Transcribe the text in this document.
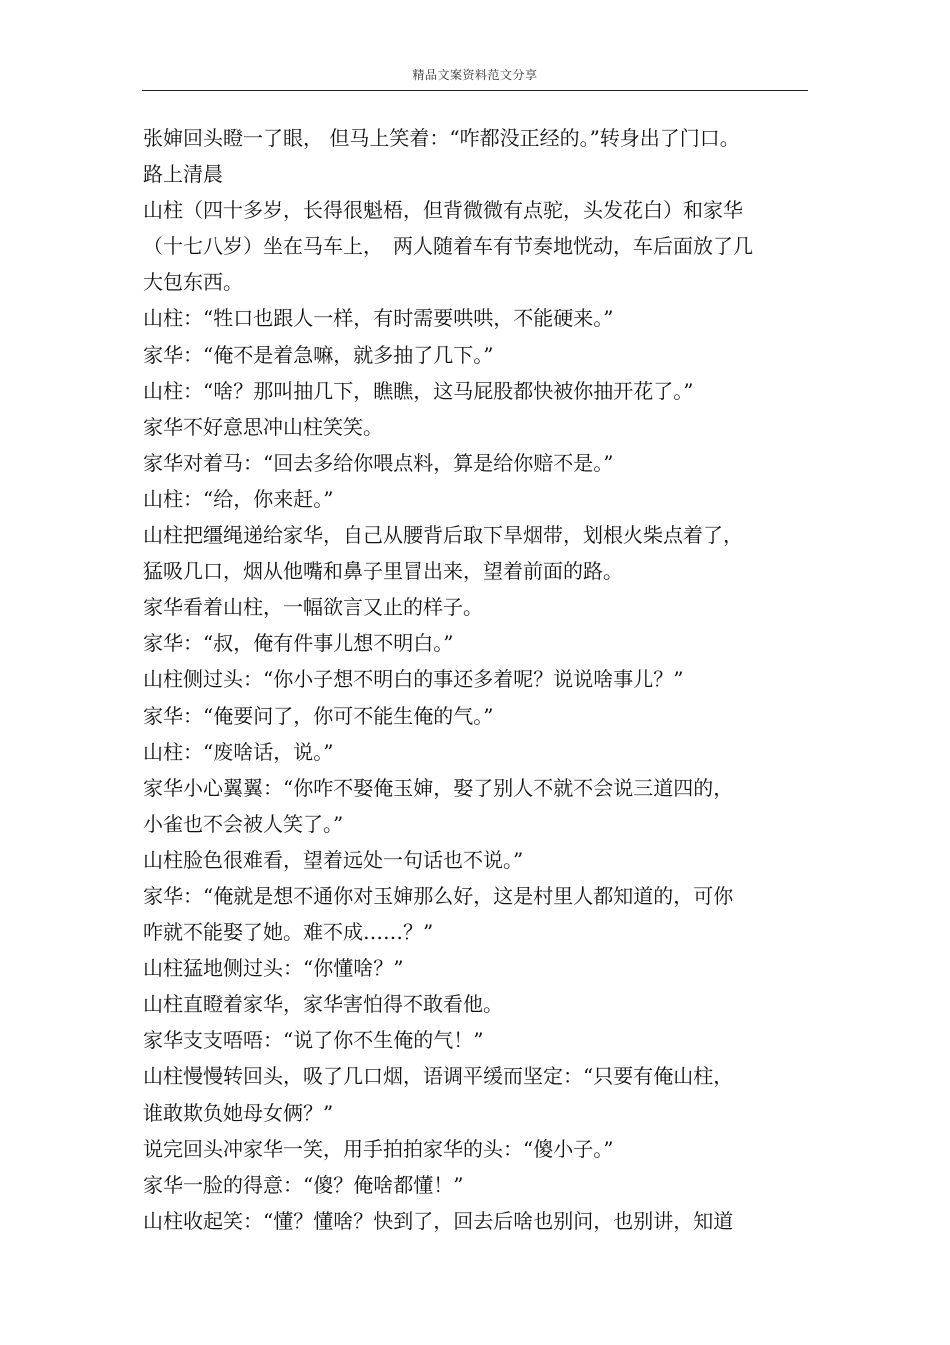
精品文案资料范文分享
张婶回头瞪一了眼， 但马上笑着：“咋都没正经的。”转身出了门口。
路上清晨
山柱（四十多岁，长得很魁梧，但背微微有点驼，头发花白）和家华
（十七八岁）坐在马车上，　两人随着车有节奏地恍动，车后面放了几
大包东西。
山柱：“牲口也跟人一样，有时需要哄哄，不能硬来。”
家华：“俺不是着急嘛，就多抽了几下。”
山柱：“啥？那叫抽几下，瞧瞧，这马屁股都快被你抽开花了。”
家华不好意思冲山柱笑笑。
家华对着马：“回去多给你喂点料，算是给你赔不是。”
山柱：“给，你来赶。”
山柱把缰绳递给家华，自己从腰背后取下旱烟带，划根火柴点着了，
猛吸几口，烟从他嘴和鼻子里冒出来，望着前面的路。
家华看着山柱，一幅欲言又止的样子。
家华：“叔，俺有件事儿想不明白。”
山柱侧过头：“你小子想不明白的事还多着呢？说说啥事儿？”
家华：“俺要问了，你可不能生俺的气。”
山柱：“废啥话，说。”
家华小心翼翼：“你咋不娶俺玉婶，娶了别人不就不会说三道四的，
小雀也不会被人笑了。”
山柱脸色很难看，望着远处一句话也不说。”
家华：“俺就是想不通你对玉婶那么好，这是村里人都知道的，可你
咋就不能娶了她。难不成……？”
山柱猛地侧过头：“你懂啥？”
山柱直瞪着家华，家华害怕得不敢看他。
家华支支唔唔：“说了你不生俺的气！”
山柱慢慢转回头，吸了几口烟，语调平缓而坚定：“只要有俺山柱，
谁敢欺负她母女俩？”
说完回头冲家华一笑，用手拍拍家华的头：“傻小子。”
家华一脸的得意：“傻？俺啥都懂！”
山柱收起笑：“懂？懂啥？快到了，回去后啥也别问，也别讲，知道
